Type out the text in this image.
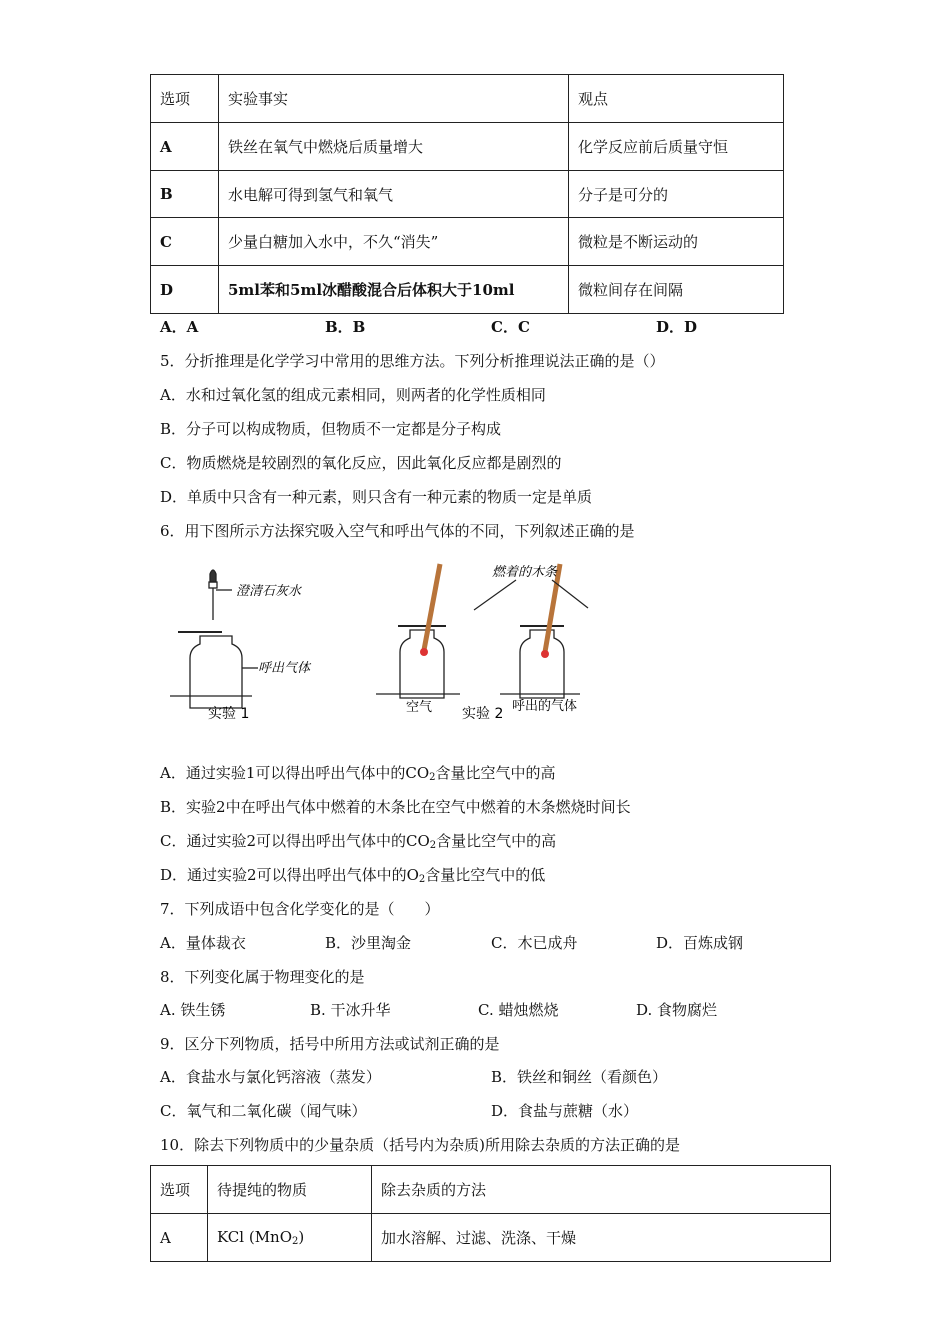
选项	实验事实	观点
A	铁丝在氧气中燃烧后质量增大	化学反应前后质量守恒
B	水电解可得到氢气和氧气	分子是可分的
C	少量白糖加入水中，不久“消失”	微粒是不断运动的
D	5ml苯和5ml冰醋酸混合后体积大于10ml	微粒间存在间隔
A．A	B．B	C．C	D．D
5．分折推理是化学学习中常用的思维方法。下列分析推理说法正确的是（）
A．水和过氧化氢的组成元素相同，则两者的化学性质相同
B．分子可以构成物质，但物质不一定都是分子构成
C．物质燃烧是较剧烈的氧化反应，因此氧化反应都是剧烈的
D．单质中只含有一种元素，则只含有一种元素的物质一定是单质
6．用下图所示方法探究吸入空气和呼出气体的不同，下列叙述正确的是
澄清石灰水
呼出气体
实验 1
燃着的木条
空气 实验 2 呼出的气体
A．通过实验1可以得出呼出气体中的$CO_2$含量比空气中的高
B．实验2中在呼出气体中燃着的木条比在空气中燃着的木条燃烧时间长
C．通过实验2可以得出呼出气体中的$CO_2$含量比空气中的高
D．通过实验2可以得出呼出气体中的$O_2$含量比空气中的低
7．下列成语中包含化学变化的是（　　）
A．量体裁衣	B．沙里淘金	C．木已成舟	D．百炼成钢
8．下列变化属于物理变化的是
A. 铁生锈	B. 干冰升华	C. 蜡烛燃烧	D. 食物腐烂
9．区分下列物质，括号中所用方法或试剂正确的是
A．食盐水与氯化钙溶液（蒸发）	B．铁丝和铜丝（看颜色）
C．氧气和二氧化碳（闻气味）	D．食盐与蔗糖（水）
10．除去下列物质中的少量杂质（括号内为杂质)所用除去杂质的方法正确的是
选项	待提纯的物质	除去杂质的方法
A	KCl (MnO$_2$)	加水溶解、过滤、洗涤、干燥
